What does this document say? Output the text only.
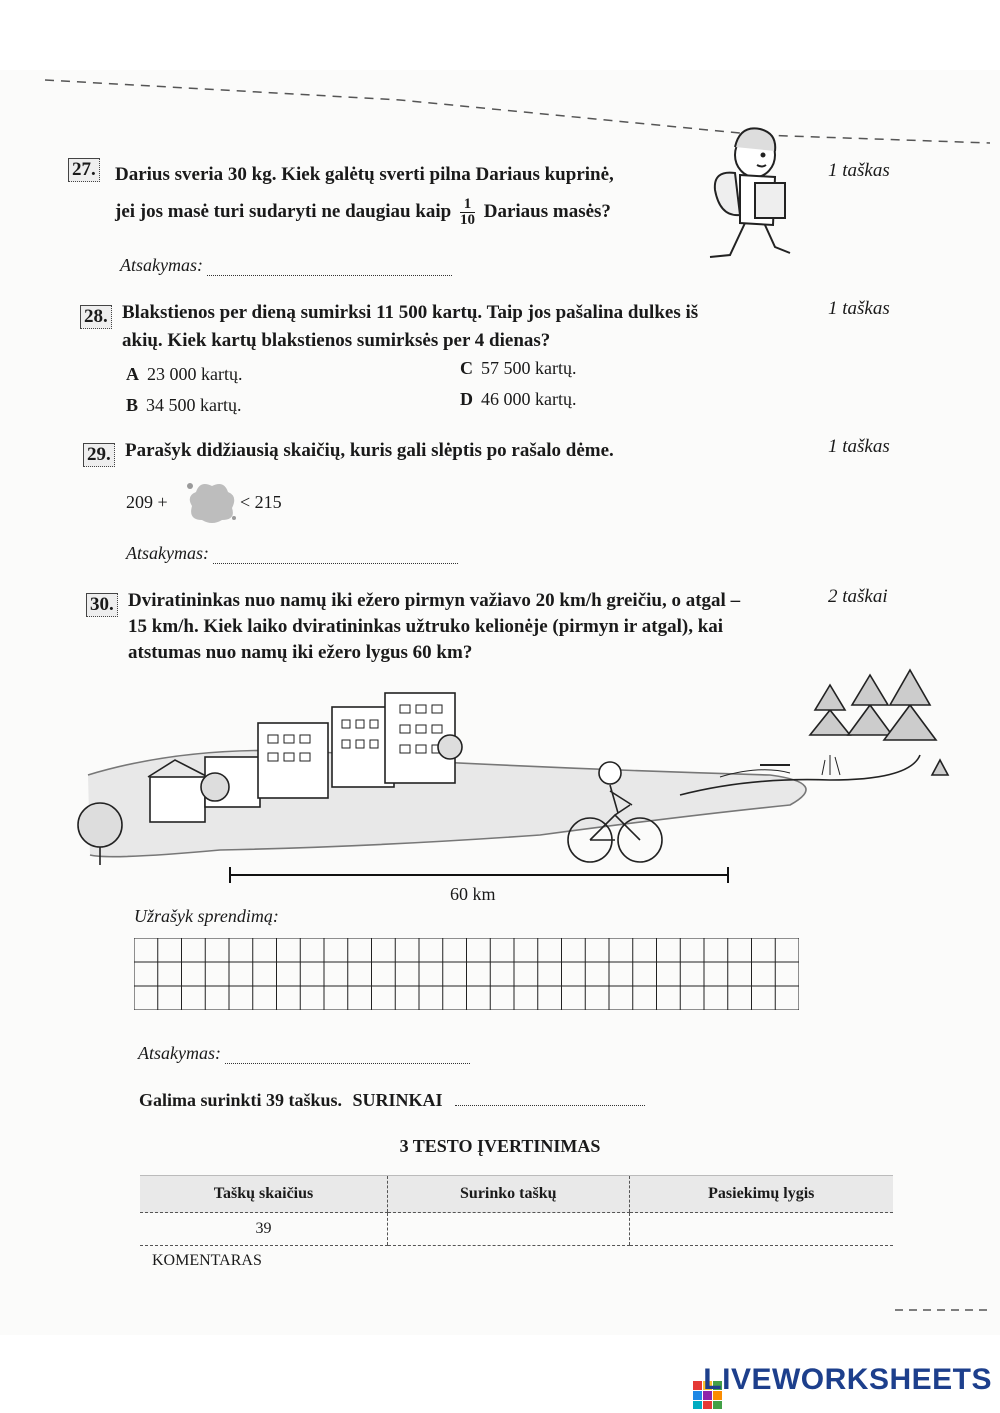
27. Darius sveria 30 kg. Kiek galėtų sverti pilna Dariaus kuprinė,
jei jos masė turi sudaryti ne daugiau kaip $\frac{1}{10}$ Dariaus masės?
1 taškas
Atsakymas:
28. Blakstienos per dieną sumirksi 11 500 kartų. Taip jos pašalina dulkes iš
akių. Kiek kartų blakstienos sumirksės per 4 dienas?
1 taškas
A 23 000 kartų.
B 34 500 kartų.
C 57 500 kartų.
D 46 000 kartų.
29. Parašyk didžiausią skaičių, kuris gali slėptis po rašalo dėme.	1 taškas
209 +	< 215
Atsakymas:
30. Dviratininkas nuo namų iki ežero pirmyn važiavo 20 km/h greičiu, o atgal –
15 km/h. Kiek laiko dviratininkas užtruko kelionėje (pirmyn ir atgal), kai
atstumas nuo namų iki ežero lygus 60 km?
2 taškai
60 km
Užrašyk sprendimą:
Atsakymas:
Galima surinkti 39 taškus. SURINKAI
3 TESTO ĮVERTINIMAS
Taškų skaičius	Surinko taškų	Pasiekimų lygis
39		
KOMENTARAS
LIVEWORKSHEETS
